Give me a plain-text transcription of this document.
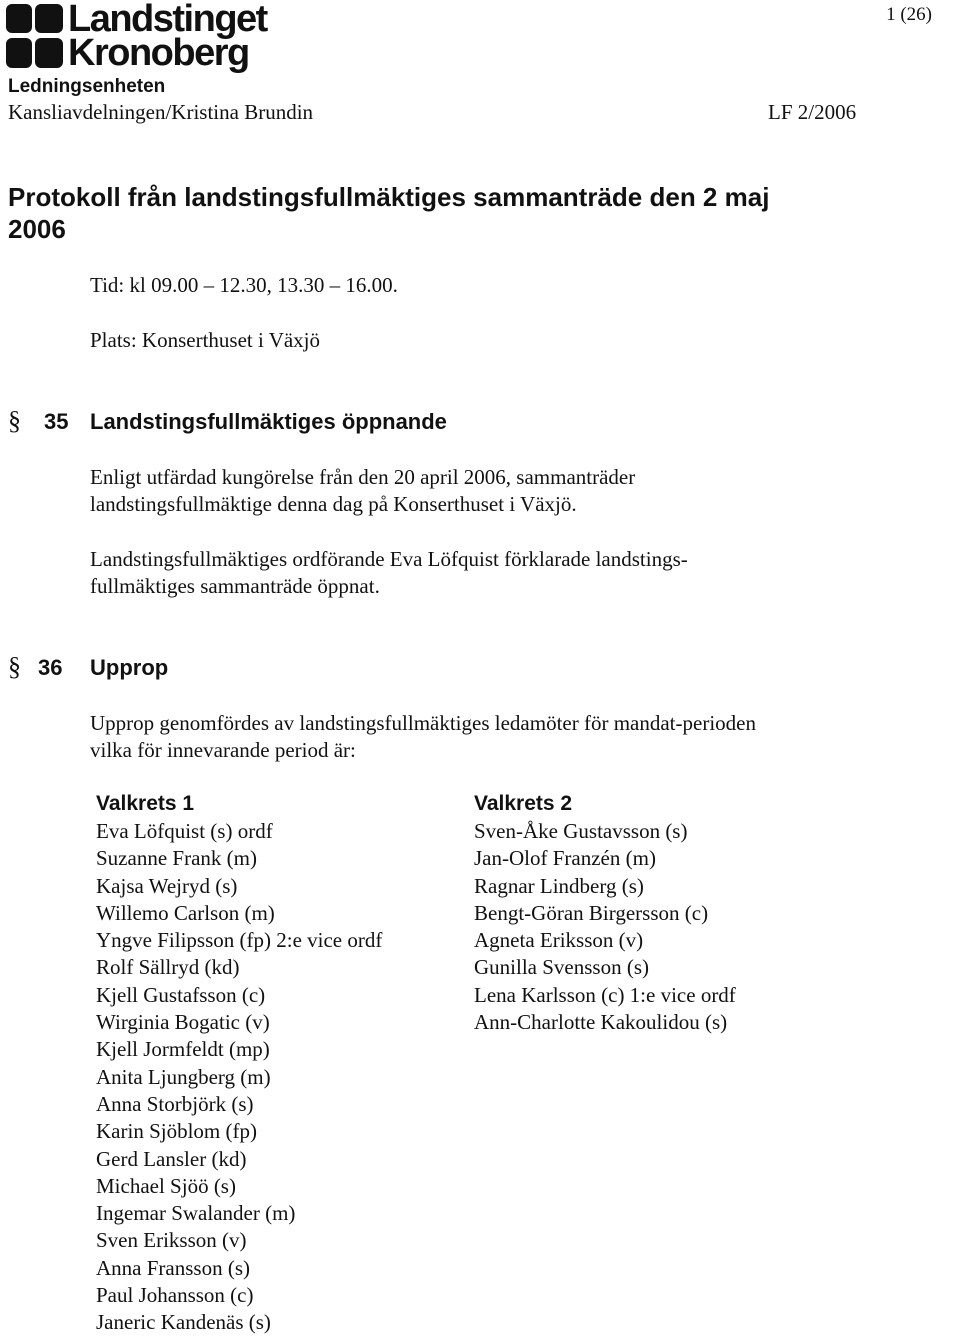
Landstinget
Kronoberg
1 (26)
Ledningsenheten
Kansliavdelningen/Kristina Brundin	LF 2/2006
Protokoll från landstingsfullmäktiges sammanträde den 2 maj 2006
Tid: kl 09.00 – 12.30, 13.30 – 16.00.
Plats: Konserthuset i Växjö
§ 35 Landstingsfullmäktiges öppnande
Enligt utfärdad kungörelse från den 20 april 2006, sammanträder landstingsfullmäktige denna dag på Konserthuset i Växjö.
Landstingsfullmäktiges ordförande Eva Löfquist förklarade landstings-fullmäktiges sammanträde öppnat.
§ 36 Upprop
Upprop genomfördes av landstingsfullmäktiges ledamöter för mandat-perioden vilka för innevarande period är:
Valkrets 1
Eva Löfquist (s) ordf
Suzanne Frank (m)
Kajsa Wejryd (s)
Willemo Carlson (m)
Yngve Filipsson (fp) 2:e vice ordf
Rolf Sällryd (kd)
Kjell Gustafsson (c)
Wirginia Bogatic (v)
Kjell Jormfeldt (mp)
Anita Ljungberg (m)
Anna Storbjörk (s)
Karin Sjöblom (fp)
Gerd Lansler (kd)
Michael Sjöö (s)
Ingemar Swalander (m)
Sven Eriksson (v)
Anna Fransson (s)
Paul Johansson (c)
Janeric Kandenäs (s)
Valkrets 2
Sven-Åke Gustavsson (s)
Jan-Olof Franzén (m)
Ragnar Lindberg (s)
Bengt-Göran Birgersson (c)
Agneta Eriksson (v)
Gunilla Svensson (s)
Lena Karlsson (c) 1:e vice ordf
Ann-Charlotte Kakoulidou (s)
